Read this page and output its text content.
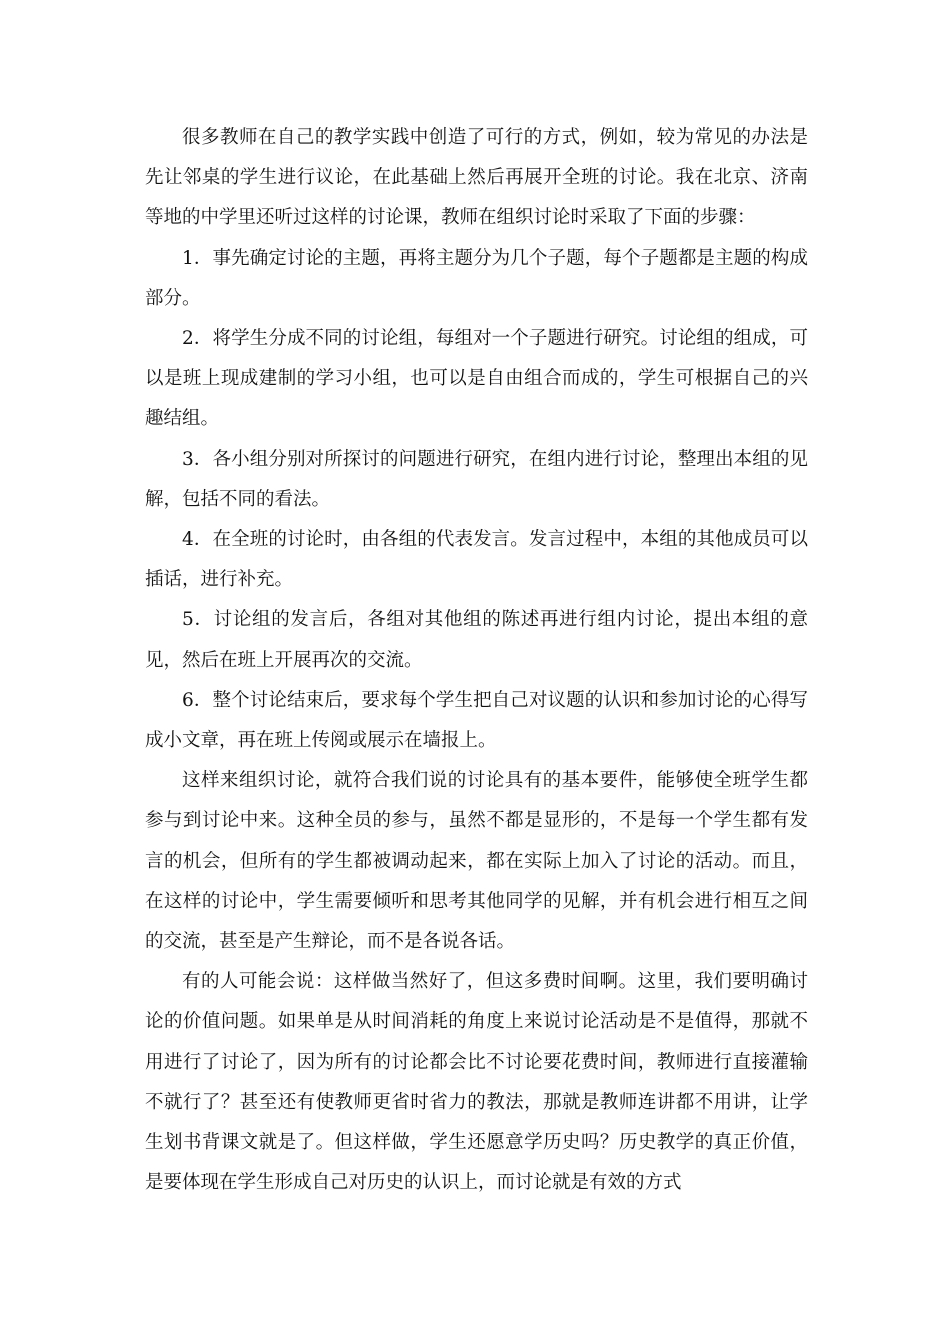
很多教师在自己的教学实践中创造了可行的方式，例如，较为常见的办法是先让邻桌的学生进行议论，在此基础上然后再展开全班的讨论。我在北京、济南等地的中学里还听过这样的讨论课，教师在组织讨论时采取了下面的步骤：

1．事先确定讨论的主题，再将主题分为几个子题，每个子题都是主题的构成部分。

2．将学生分成不同的讨论组，每组对一个子题进行研究。讨论组的组成，可以是班上现成建制的学习小组，也可以是自由组合而成的，学生可根据自己的兴趣结组。

3．各小组分别对所探讨的问题进行研究，在组内进行讨论，整理出本组的见解，包括不同的看法。

4．在全班的讨论时，由各组的代表发言。发言过程中，本组的其他成员可以插话，进行补充。

5．讨论组的发言后，各组对其他组的陈述再进行组内讨论，提出本组的意见，然后在班上开展再次的交流。

6．整个讨论结束后，要求每个学生把自己对议题的认识和参加讨论的心得写成小文章，再在班上传阅或展示在墙报上。

这样来组织讨论，就符合我们说的讨论具有的基本要件，能够使全班学生都参与到讨论中来。这种全员的参与，虽然不都是显形的，不是每一个学生都有发言的机会，但所有的学生都被调动起来，都在实际上加入了讨论的活动。而且，在这样的讨论中，学生需要倾听和思考其他同学的见解，并有机会进行相互之间的交流，甚至是产生辩论，而不是各说各话。

有的人可能会说：这样做当然好了，但这多费时间啊。这里，我们要明确讨论的价值问题。如果单是从时间消耗的角度上来说讨论活动是不是值得，那就不用进行了讨论了，因为所有的讨论都会比不讨论要花费时间，教师进行直接灌输不就行了？甚至还有使教师更省时省力的教法，那就是教师连讲都不用讲，让学生划书背课文就是了。但这样做，学生还愿意学历史吗？历史教学的真正价值，是要体现在学生形成自己对历史的认识上，而讨论就是有效的方式
